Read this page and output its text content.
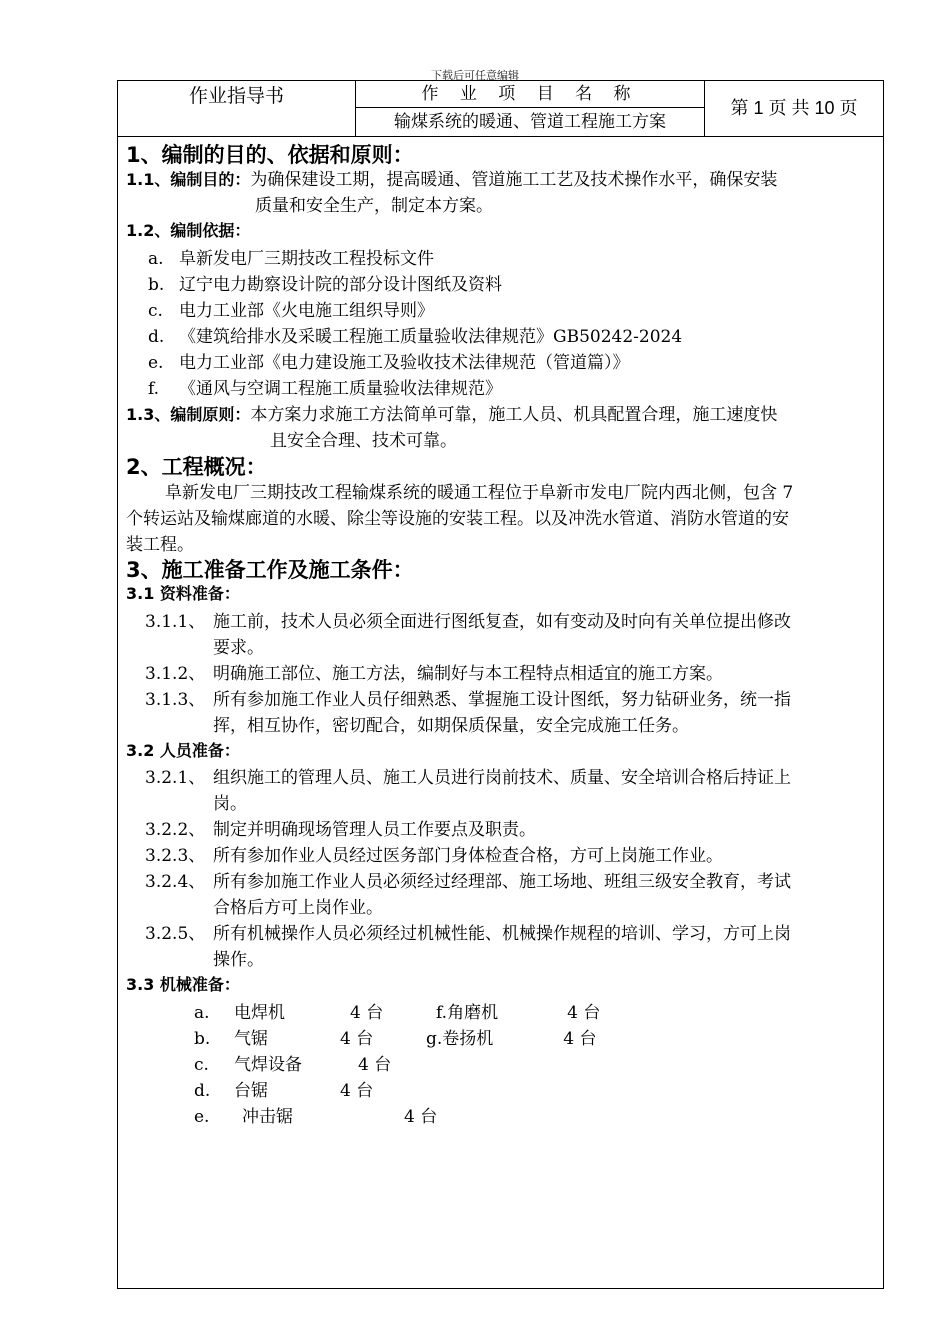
下载后可任意编辑
作业指导书	作 业 项 目 名 称
输煤系统的暖通、管道工程施工方案
第 1 页 共 10 页
1、编制的目的、依据和原则：
1.1、编制目的：为确保建设工期，提高暖通、管道施工工艺及技术操作水平，确保安装
质量和安全生产，制定本方案。
1.2、编制依据：
a. 阜新发电厂三期技改工程投标文件
b. 辽宁电力勘察设计院的部分设计图纸及资料
c. 电力工业部《火电施工组织导则》
d. 《建筑给排水及采暖工程施工质量验收法律规范》GB50242-2024
e. 电力工业部《电力建设施工及验收技术法律规范（管道篇）》
f. 《通风与空调工程施工质量验收法律规范》
1.3、编制原则：本方案力求施工方法简单可靠，施工人员、机具配置合理，施工速度快
且安全合理、技术可靠。
2、工程概况：
阜新发电厂三期技改工程输煤系统的暖通工程位于阜新市发电厂院内西北侧，包含 7
个转运站及输煤廊道的水暖、除尘等设施的安装工程。以及冲洗水管道、消防水管道的安
装工程。
3、施工准备工作及施工条件：
3.1 资料准备：
3.1.1、 施工前，技术人员必须全面进行图纸复查，如有变动及时向有关单位提出修改
要求。
3.1.2、 明确施工部位、施工方法，编制好与本工程特点相适宜的施工方案。
3.1.3、 所有参加施工作业人员仔细熟悉、掌握施工设计图纸，努力钻研业务，统一指
挥，相互协作，密切配合，如期保质保量，安全完成施工任务。
3.2 人员准备：
3.2.1、 组织施工的管理人员、施工人员进行岗前技术、质量、安全培训合格后持证上
岗。
3.2.2、 制定并明确现场管理人员工作要点及职责。
3.2.3、 所有参加作业人员经过医务部门身体检查合格，方可上岗施工作业。
3.2.4、 所有参加施工作业人员必须经过经理部、施工场地、班组三级安全教育，考试
合格后方可上岗作业。
3.2.5、 所有机械操作人员必须经过机械性能、机械操作规程的培训、学习，方可上岗
操作。
3.3 机械准备：
a. 电焊机	4 台	f.角磨机	4 台
b. 气锯	4 台	g.卷扬机	4 台
c. 气焊设备	4 台
d. 台锯	4 台
e. 冲击锯	4 台
